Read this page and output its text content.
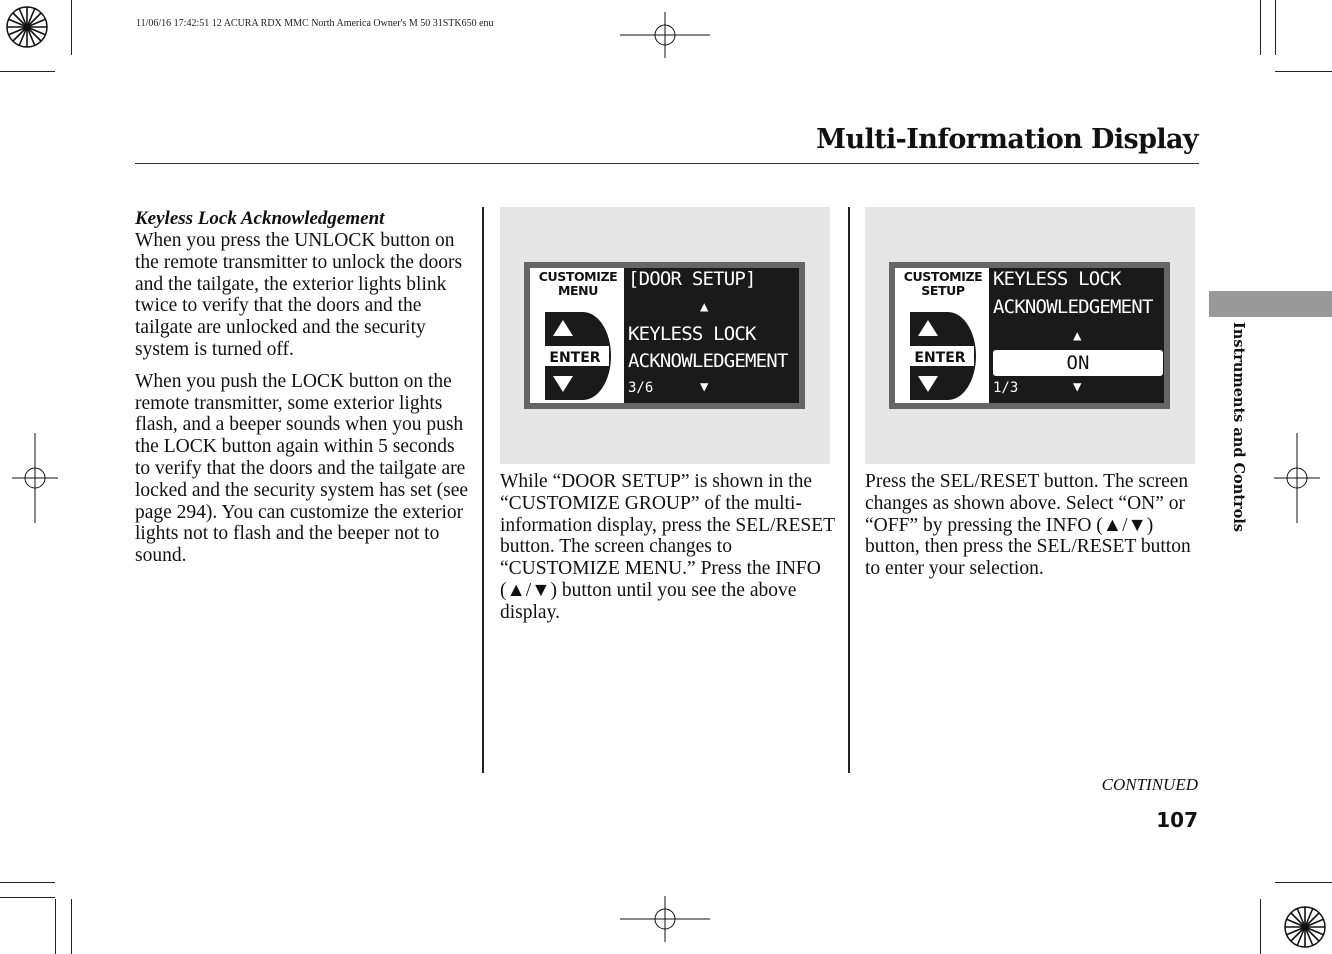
11/06/16 17:42:51 12 ACURA RDX MMC North America Owner's M 50 31STK650 enu
Multi-Information Display

Keyless Lock Acknowledgement

When you press the UNLOCK button on the remote transmitter to unlock the doors and the tailgate, the exterior lights blink twice to verify that the doors and the tailgate are unlocked and the security system is turned off.

When you push the LOCK button on the remote transmitter, some exterior lights flash, and a beeper sounds when you push the LOCK button again within 5 seconds to verify that the doors and the tailgate are locked and the security system has set (see page 294). You can customize the exterior lights not to flash and the beeper not to sound.

CUSTOMIZE
MENU
ENTER
[DOOR SETUP]
▲
KEYLESS LOCK
ACKNOWLEDGEMENT
3/6	▼
CUSTOMIZE
SETUP
ENTER
KEYLESS LOCK
ACKNOWLEDGEMENT
▲
ON
1/3	▼
While “DOOR SETUP” is shown in the “CUSTOMIZE GROUP” of the multi-information display, press the SEL/RESET button. The screen changes to “CUSTOMIZE MENU.” Press the INFO (▲/▼) button until you see the above display.
Press the SEL/RESET button. The screen changes as shown above. Select “ON” or “OFF” by pressing the INFO (▲/▼) button, then press the SEL/RESET button to enter your selection.
Instruments and Controls
CONTINUED
107
